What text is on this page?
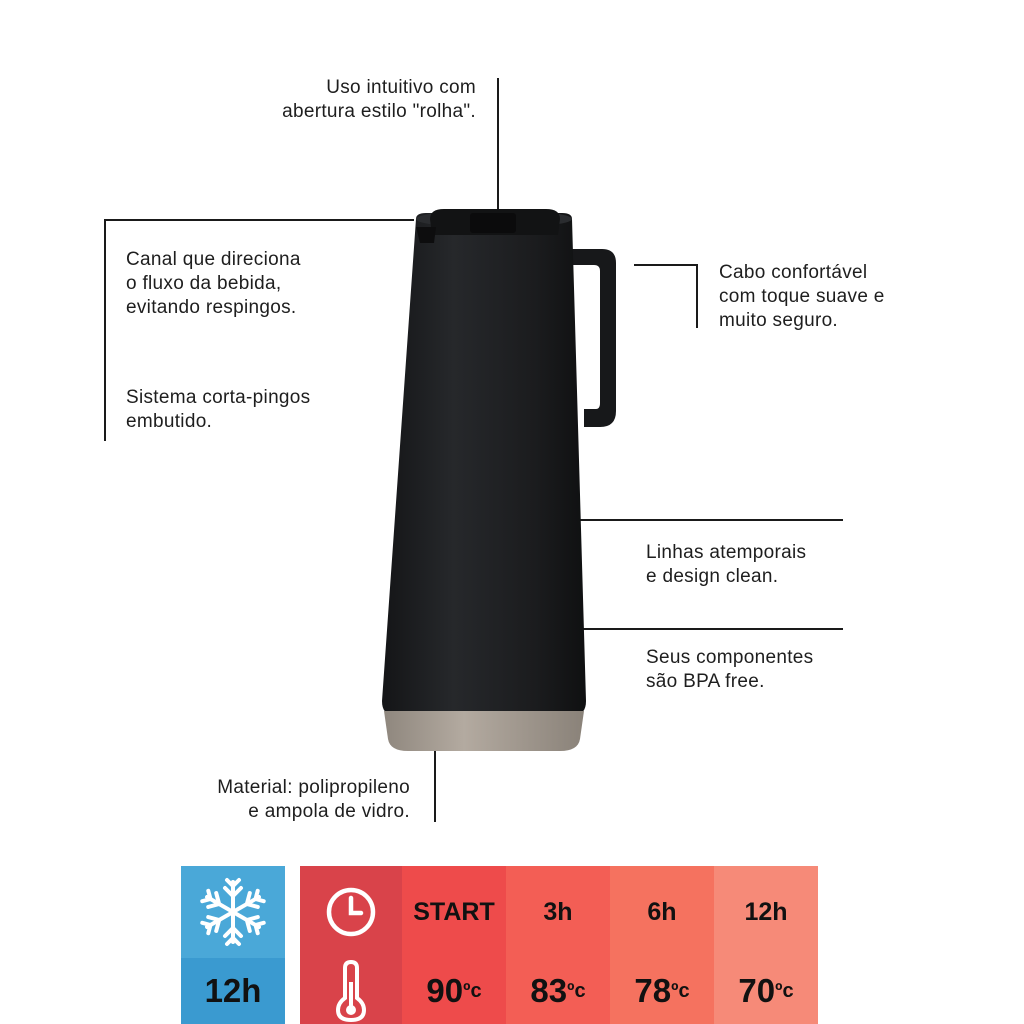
Uso intuitivo com
abertura estilo "rolha".
Canal que direciona
o fluxo da bebida,
evitando respingos.
Sistema corta-pingos
embutido.
Cabo confortável
com toque suave e
muito seguro.
Linhas atemporais
e design clean.
Seus componentes
são BPA free.
Material: polipropileno
e ampola de vidro.
12h
START 3h	6h	12h
90 ºc 83 ºc 78 ºc 70 ºc
